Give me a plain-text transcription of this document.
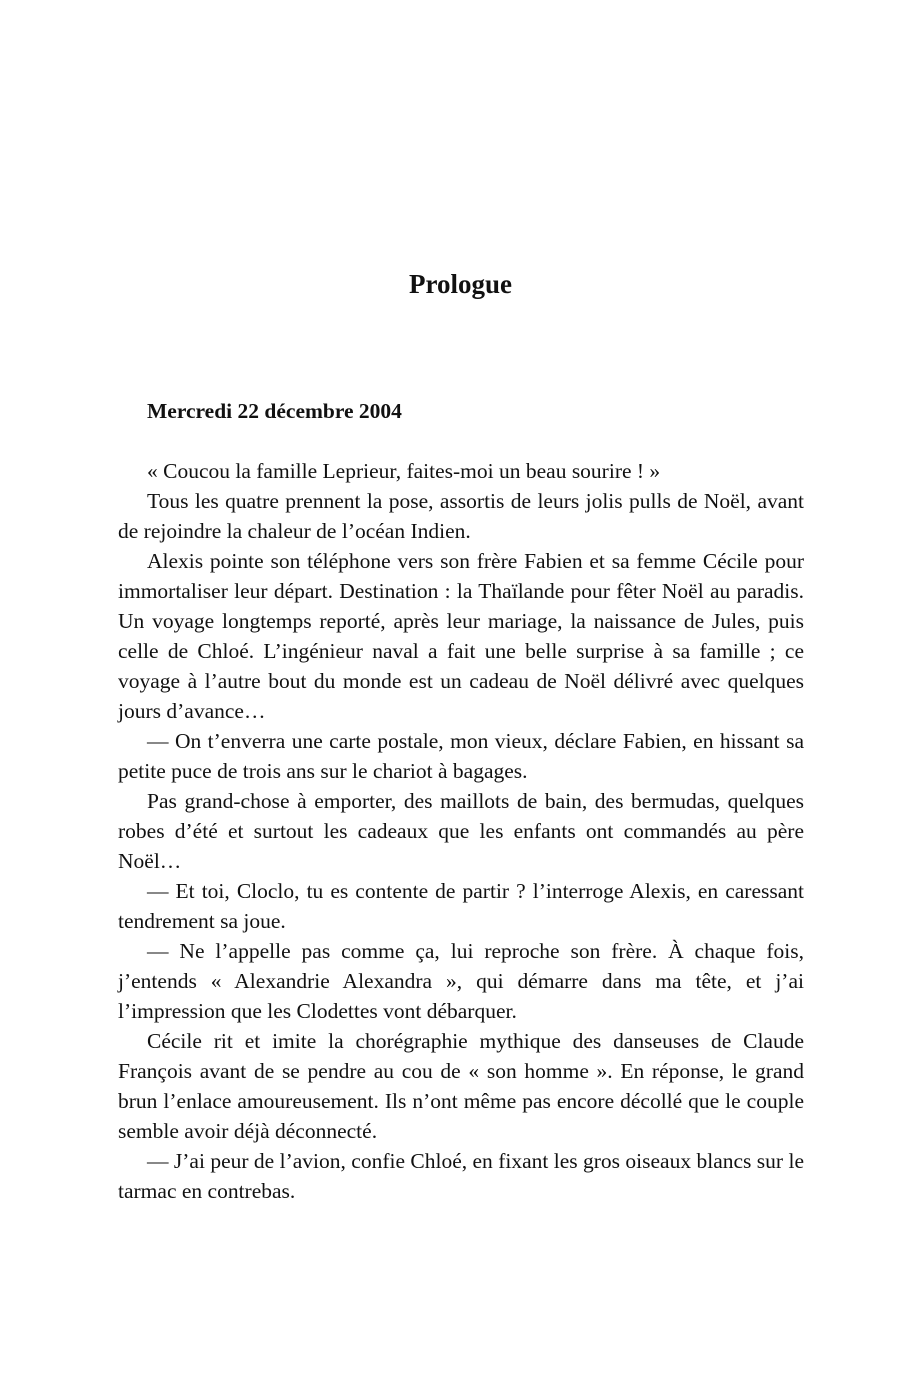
Prologue

Mercredi 22 décembre 2004

« Coucou la famille Leprieur, faites-moi un beau sourire ! »

Tous les quatre prennent la pose, assortis de leurs jolis pulls de Noël, avant de rejoindre la chaleur de l’océan Indien.

Alexis pointe son téléphone vers son frère Fabien et sa femme Cécile pour immortaliser leur départ. Destination : la Thaïlande pour fêter Noël au paradis. Un voyage longtemps reporté, après leur mariage, la naissance de Jules, puis celle de Chloé. L’ingénieur naval a fait une belle surprise à sa famille ; ce voyage à l’autre bout du monde est un cadeau de Noël délivré avec quelques jours d’avance…

— On t’enverra une carte postale, mon vieux, déclare Fabien, en hissant sa petite puce de trois ans sur le chariot à bagages.

Pas grand-chose à emporter, des maillots de bain, des bermudas, quelques robes d’été et surtout les cadeaux que les enfants ont commandés au père Noël…

— Et toi, Cloclo, tu es contente de partir ? l’interroge Alexis, en caressant tendrement sa joue.

— Ne l’appelle pas comme ça, lui reproche son frère. À chaque fois, j’entends « Alexandrie Alexandra », qui démarre dans ma tête, et j’ai l’impression que les Clodettes vont débarquer.

Cécile rit et imite la chorégraphie mythique des danseuses de Claude François avant de se pendre au cou de « son homme ». En réponse, le grand brun l’enlace amoureusement. Ils n’ont même pas encore décollé que le couple semble avoir déjà déconnecté.

— J’ai peur de l’avion, confie Chloé, en fixant les gros oiseaux blancs sur le tarmac en contrebas.
